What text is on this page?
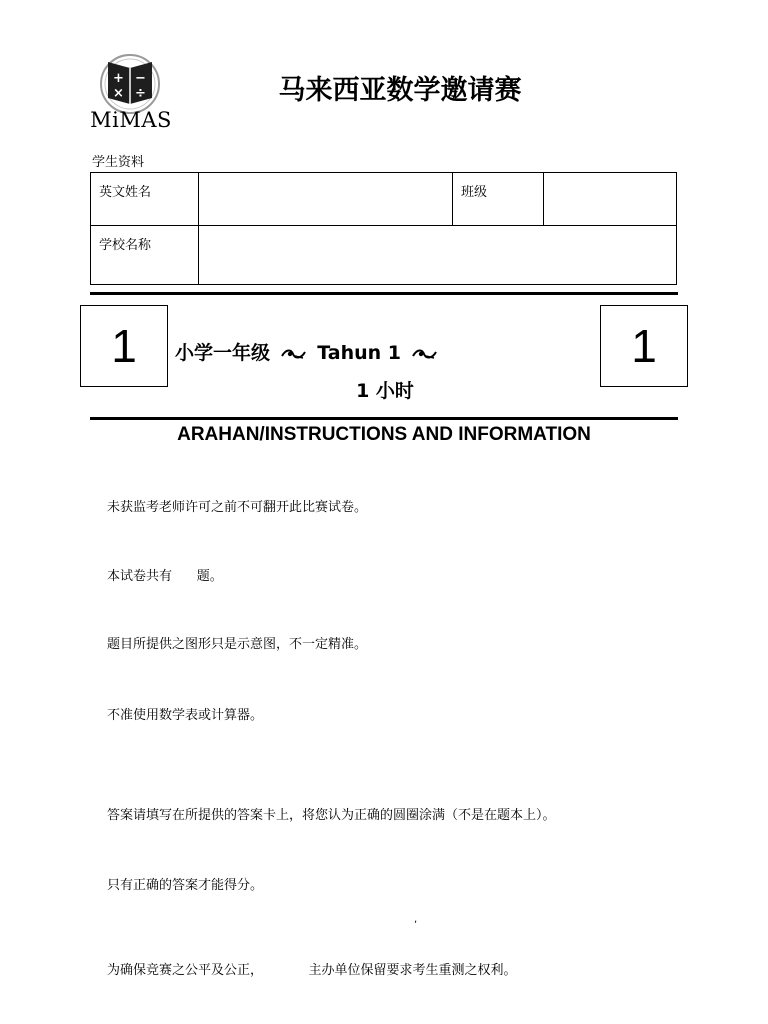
+ −
× ÷
MiMAS
马来西亚数学邀请赛
学生资料
英文姓名	班级
学校名称
1	1
小学一年级 Tahun 1
1 小时
ARAHAN/INSTRUCTIONS AND INFORMATION
未获监考老师许可之前不可翻开此比赛试卷。
本试卷共有      题。
题目所提供之图形只是示意图，不一定精准。
不准使用数学表或计算器。
答案请填写在所提供的答案卡上，将您认为正确的圆圈涂满（不是在题本上）。
只有正确的答案才能得分。
,
为确保竞赛之公平及公正，           主办单位保留要求考生重测之权利。
